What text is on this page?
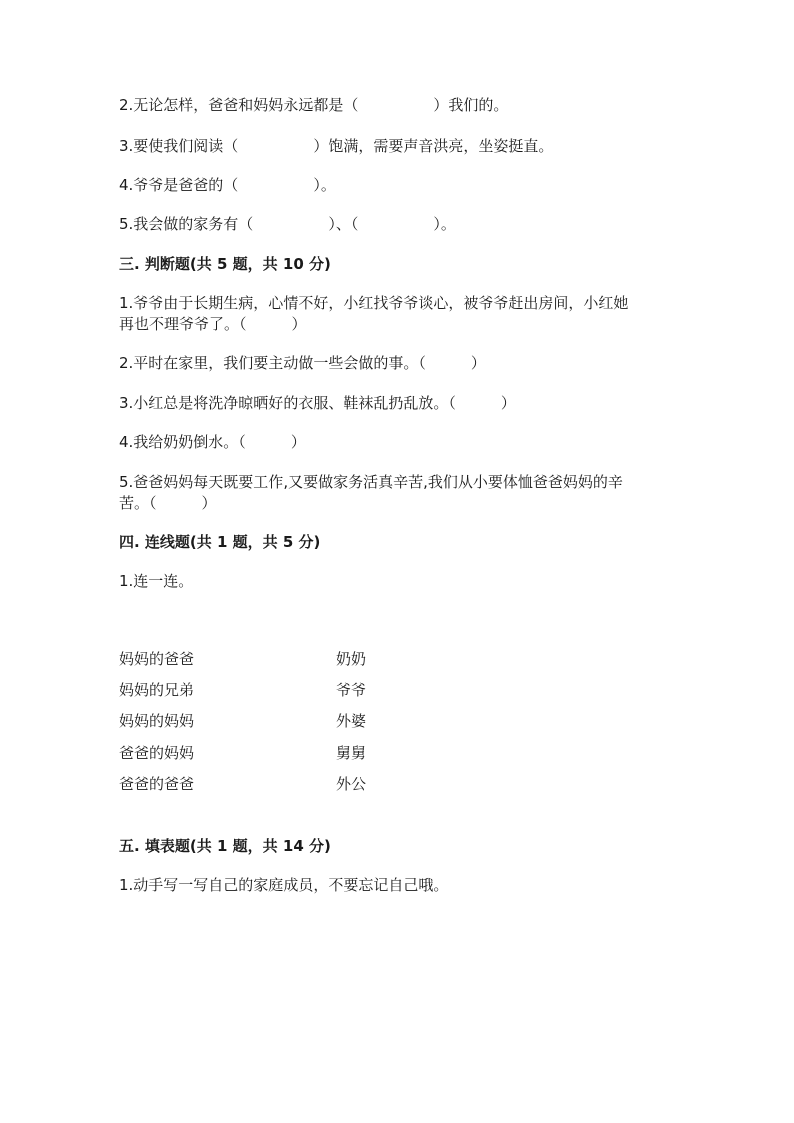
2.无论怎样，爸爸和妈妈永远都是（　　　　　）我们的。
3.要使我们阅读（　　　　　）饱满，需要声音洪亮，坐姿挺直。
4.爷爷是爸爸的（　　　　　）。
5.我会做的家务有（　　　　　）、（　　　　　）。
三. 判断题(共 5 题，共 10 分)
1.爷爷由于长期生病，心情不好，小红找爷爷谈心，被爷爷赶出房间，小红她
再也不理爷爷了。（　　　）
2.平时在家里，我们要主动做一些会做的事。（　　　）
3.小红总是将洗净晾晒好的衣服、鞋袜乱扔乱放。（　　　）
4.我给奶奶倒水。（　　　）
5.爸爸妈妈每天既要工作,又要做家务活真辛苦,我们从小要体恤爸爸妈妈的辛
苦。（　　　）
四. 连线题(共 1 题，共 5 分)
1.连一连。
妈妈的爸爸
妈妈的兄弟
妈妈的妈妈
爸爸的妈妈
爸爸的爸爸
奶奶
爷爷
外婆
舅舅
外公
五. 填表题(共 1 题，共 14 分)
1.动手写一写自己的家庭成员，不要忘记自己哦。
